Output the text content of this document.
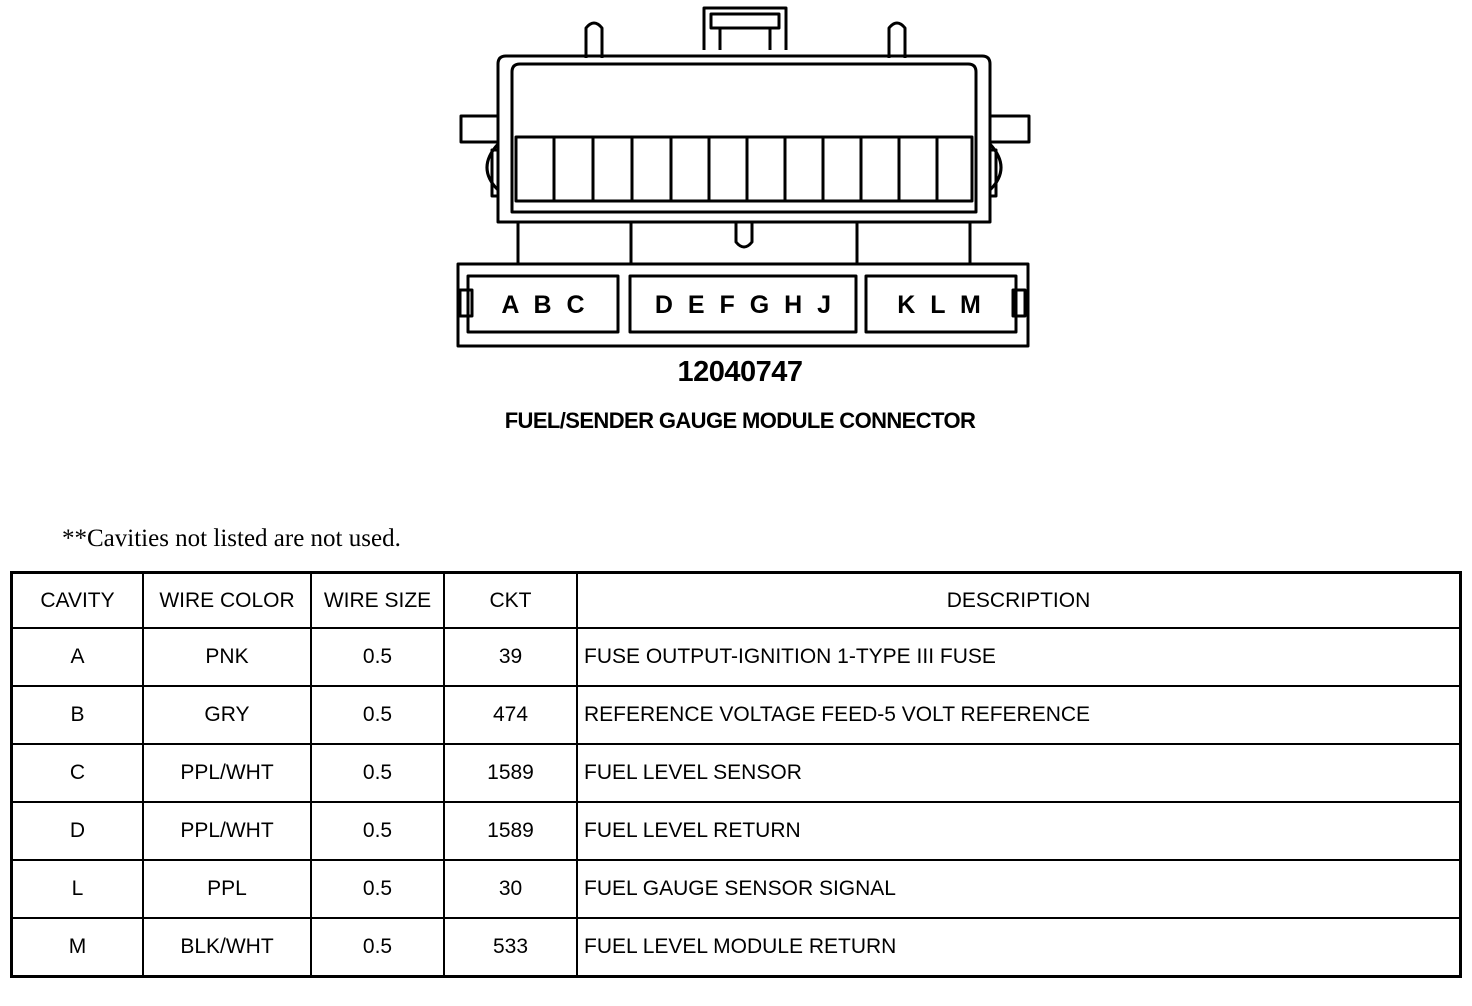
A B C	D E F G H J K L M
12040747
FUEL/SENDER GAUGE MODULE CONNECTOR
**Cavities not listed are not used.
CAVITY	WIRE COLOR	WIRE SIZE	CKT	DESCRIPTION
A	PNK	0.5	39	FUSE OUTPUT-IGNITION 1-TYPE III FUSE
B	GRY	0.5	474	REFERENCE VOLTAGE FEED-5 VOLT REFERENCE
C	PPL/WHT	0.5	1589	FUEL LEVEL SENSOR
D	PPL/WHT	0.5	1589	FUEL LEVEL RETURN
L	PPL	0.5	30	FUEL GAUGE SENSOR SIGNAL
M	BLK/WHT	0.5	533	FUEL LEVEL MODULE RETURN
